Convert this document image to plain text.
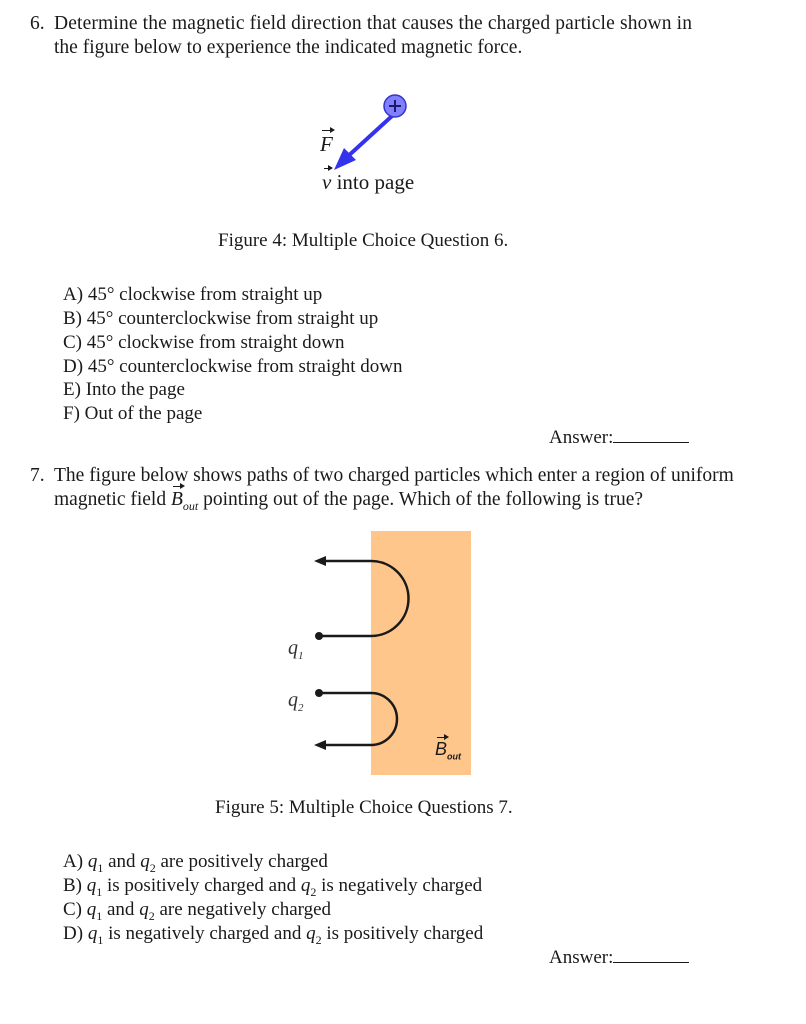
6. Determine the magnetic field direction that causes the charged particle shown in
the figure below to experience the indicated magnetic force.
F
v into page
Figure 4: Multiple Choice Question 6.
A) 45° clockwise from straight up
B) 45° counterclockwise from straight up
C) 45° clockwise from straight down
D) 45° counterclockwise from straight down
E) Into the page
F) Out of the page
Answer:
7. The figure below shows paths of two charged particles which enter a region of uniform
magnetic field $B_{out}$ pointing out of the page. Which of the following is true?
$q_1$
$q_2$
$B_{out}$
Figure 5: Multiple Choice Questions 7.
A) $q_1$ and $q_2$ are positively charged
B) $q_1$ is positively charged and $q_2$ is negatively charged
C) $q_1$ and $q_2$ are negatively charged
D) $q_1$ is negatively charged and $q_2$ is positively charged
Answer:
